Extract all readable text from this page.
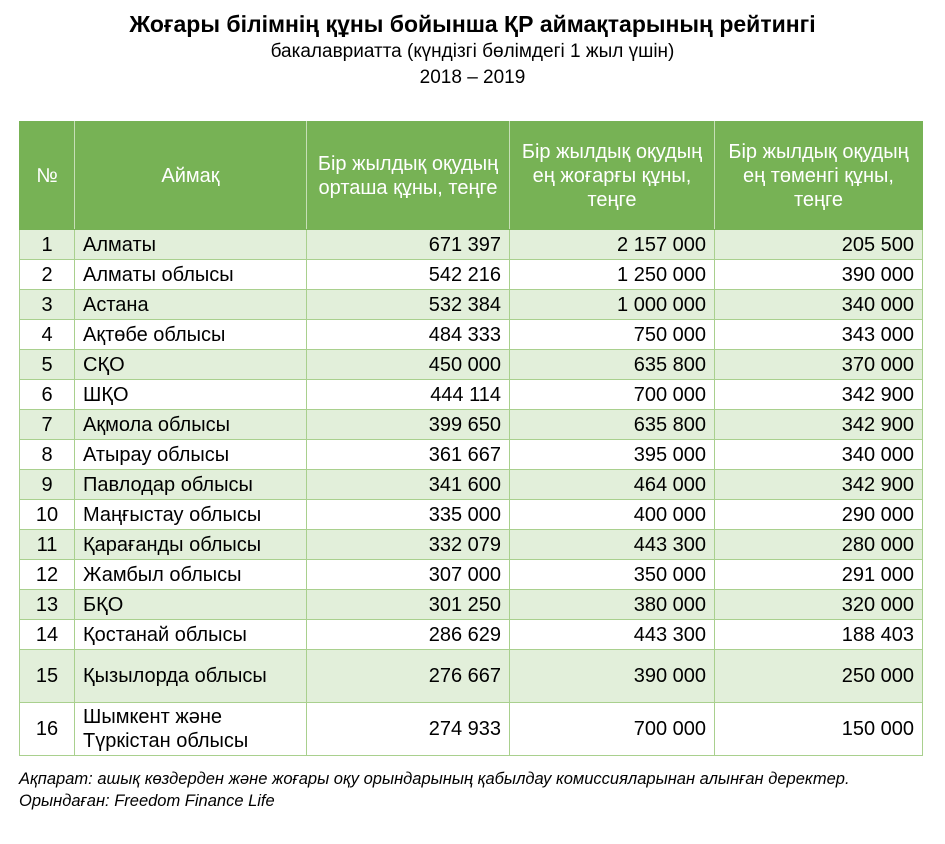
Жоғары білімнің құны бойынша ҚР аймақтарының рейтингі
бакалавриатта (күндізгі бөлімдегі 1 жыл үшін)
2018 – 2019
№	Аймақ	Бір жылдық оқудың орташа құны, теңге	Бір жылдық оқудың ең жоғарғы құны, теңге	Бір жылдық оқудың ең төменгі құны, теңге
1	Алматы	671 397	2 157 000	205 500
2	Алматы облысы	542 216	1 250 000	390 000
3	Астана	532 384	1 000 000	340 000
4	Ақтөбе облысы	484 333	750 000	343 000
5	СҚО	450 000	635 800	370 000
6	ШҚО	444 114	700 000	342 900
7	Ақмола облысы	399 650	635 800	342 900
8	Атырау облысы	361 667	395 000	340 000
9	Павлодар облысы	341 600	464 000	342 900
10	Маңғыстау облысы	335 000	400 000	290 000
11	Қарағанды облысы	332 079	443 300	280 000
12	Жамбыл облысы	307 000	350 000	291 000
13	БҚО	301 250	380 000	320 000
14	Қостанай облысы	286 629	443 300	188 403
15	Қызылорда облысы	276 667	390 000	250 000
16	Шымкент және Түркістан облысы	274 933	700 000	150 000
Ақпарат: ашық көздерден және жоғары оқу орындарының қабылдау комиссияларынан алынған деректер.
Орындаған: Freedom Finance Life
